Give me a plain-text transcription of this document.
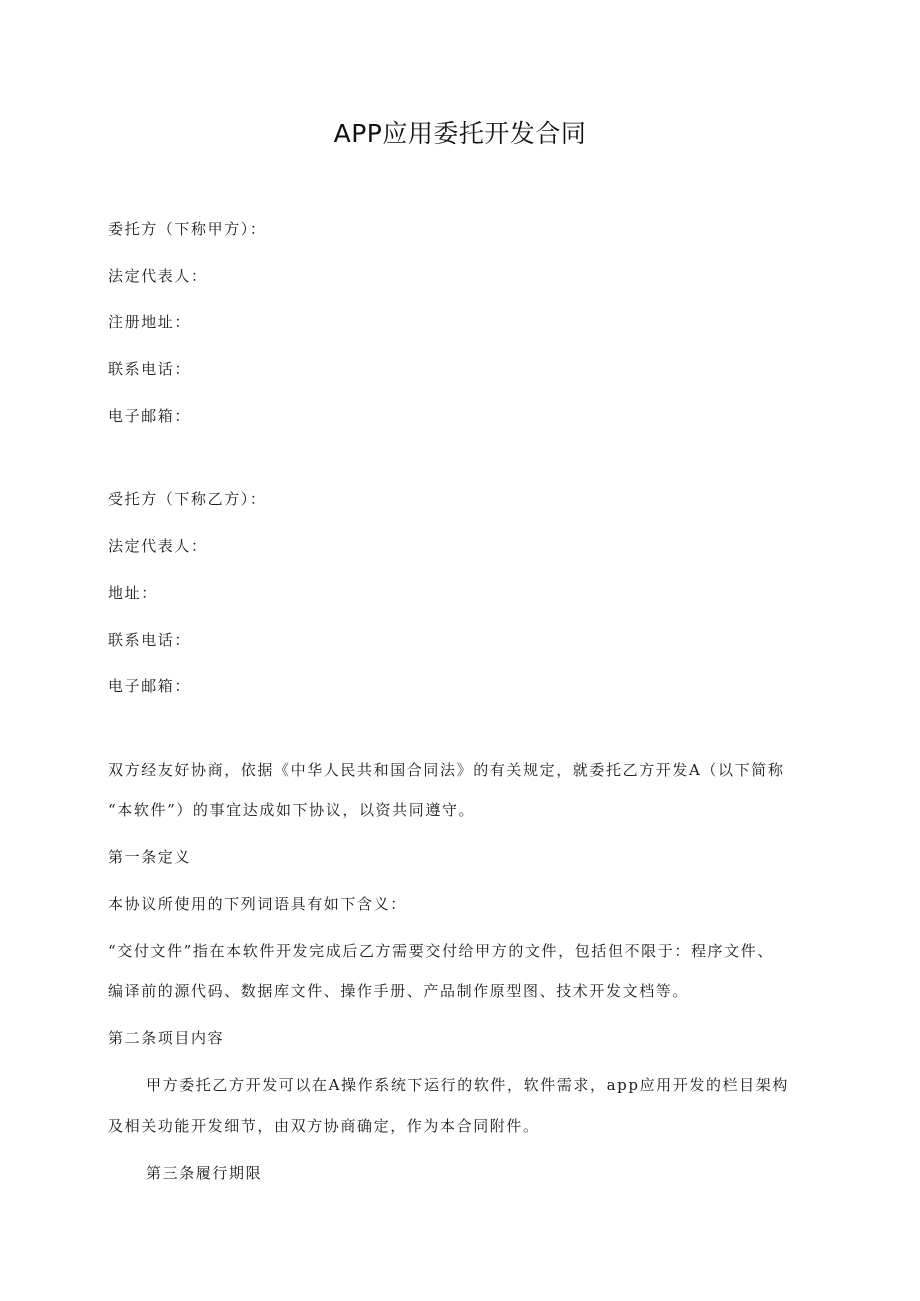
APP应用委托开发合同
委托方（下称甲方）：
法定代表人：
注册地址：
联系电话：
电子邮箱：
受托方（下称乙方）：
法定代表人：
地址：
联系电话：
电子邮箱：
双方经友好协商，依据《中华人民共和国合同法》的有关规定，就委托乙方开发A（以下简称
“本软件”）的事宜达成如下协议，以资共同遵守。
第一条定义
本协议所使用的下列词语具有如下含义：
“交付文件”指在本软件开发完成后乙方需要交付给甲方的文件，包括但不限于：程序文件、
编译前的源代码、数据库文件、操作手册、产品制作原型图、技术开发文档等。
第二条项目内容
甲方委托乙方开发可以在A操作系统下运行的软件，软件需求，app应用开发的栏目架构
及相关功能开发细节，由双方协商确定，作为本合同附件。
第三条履行期限
